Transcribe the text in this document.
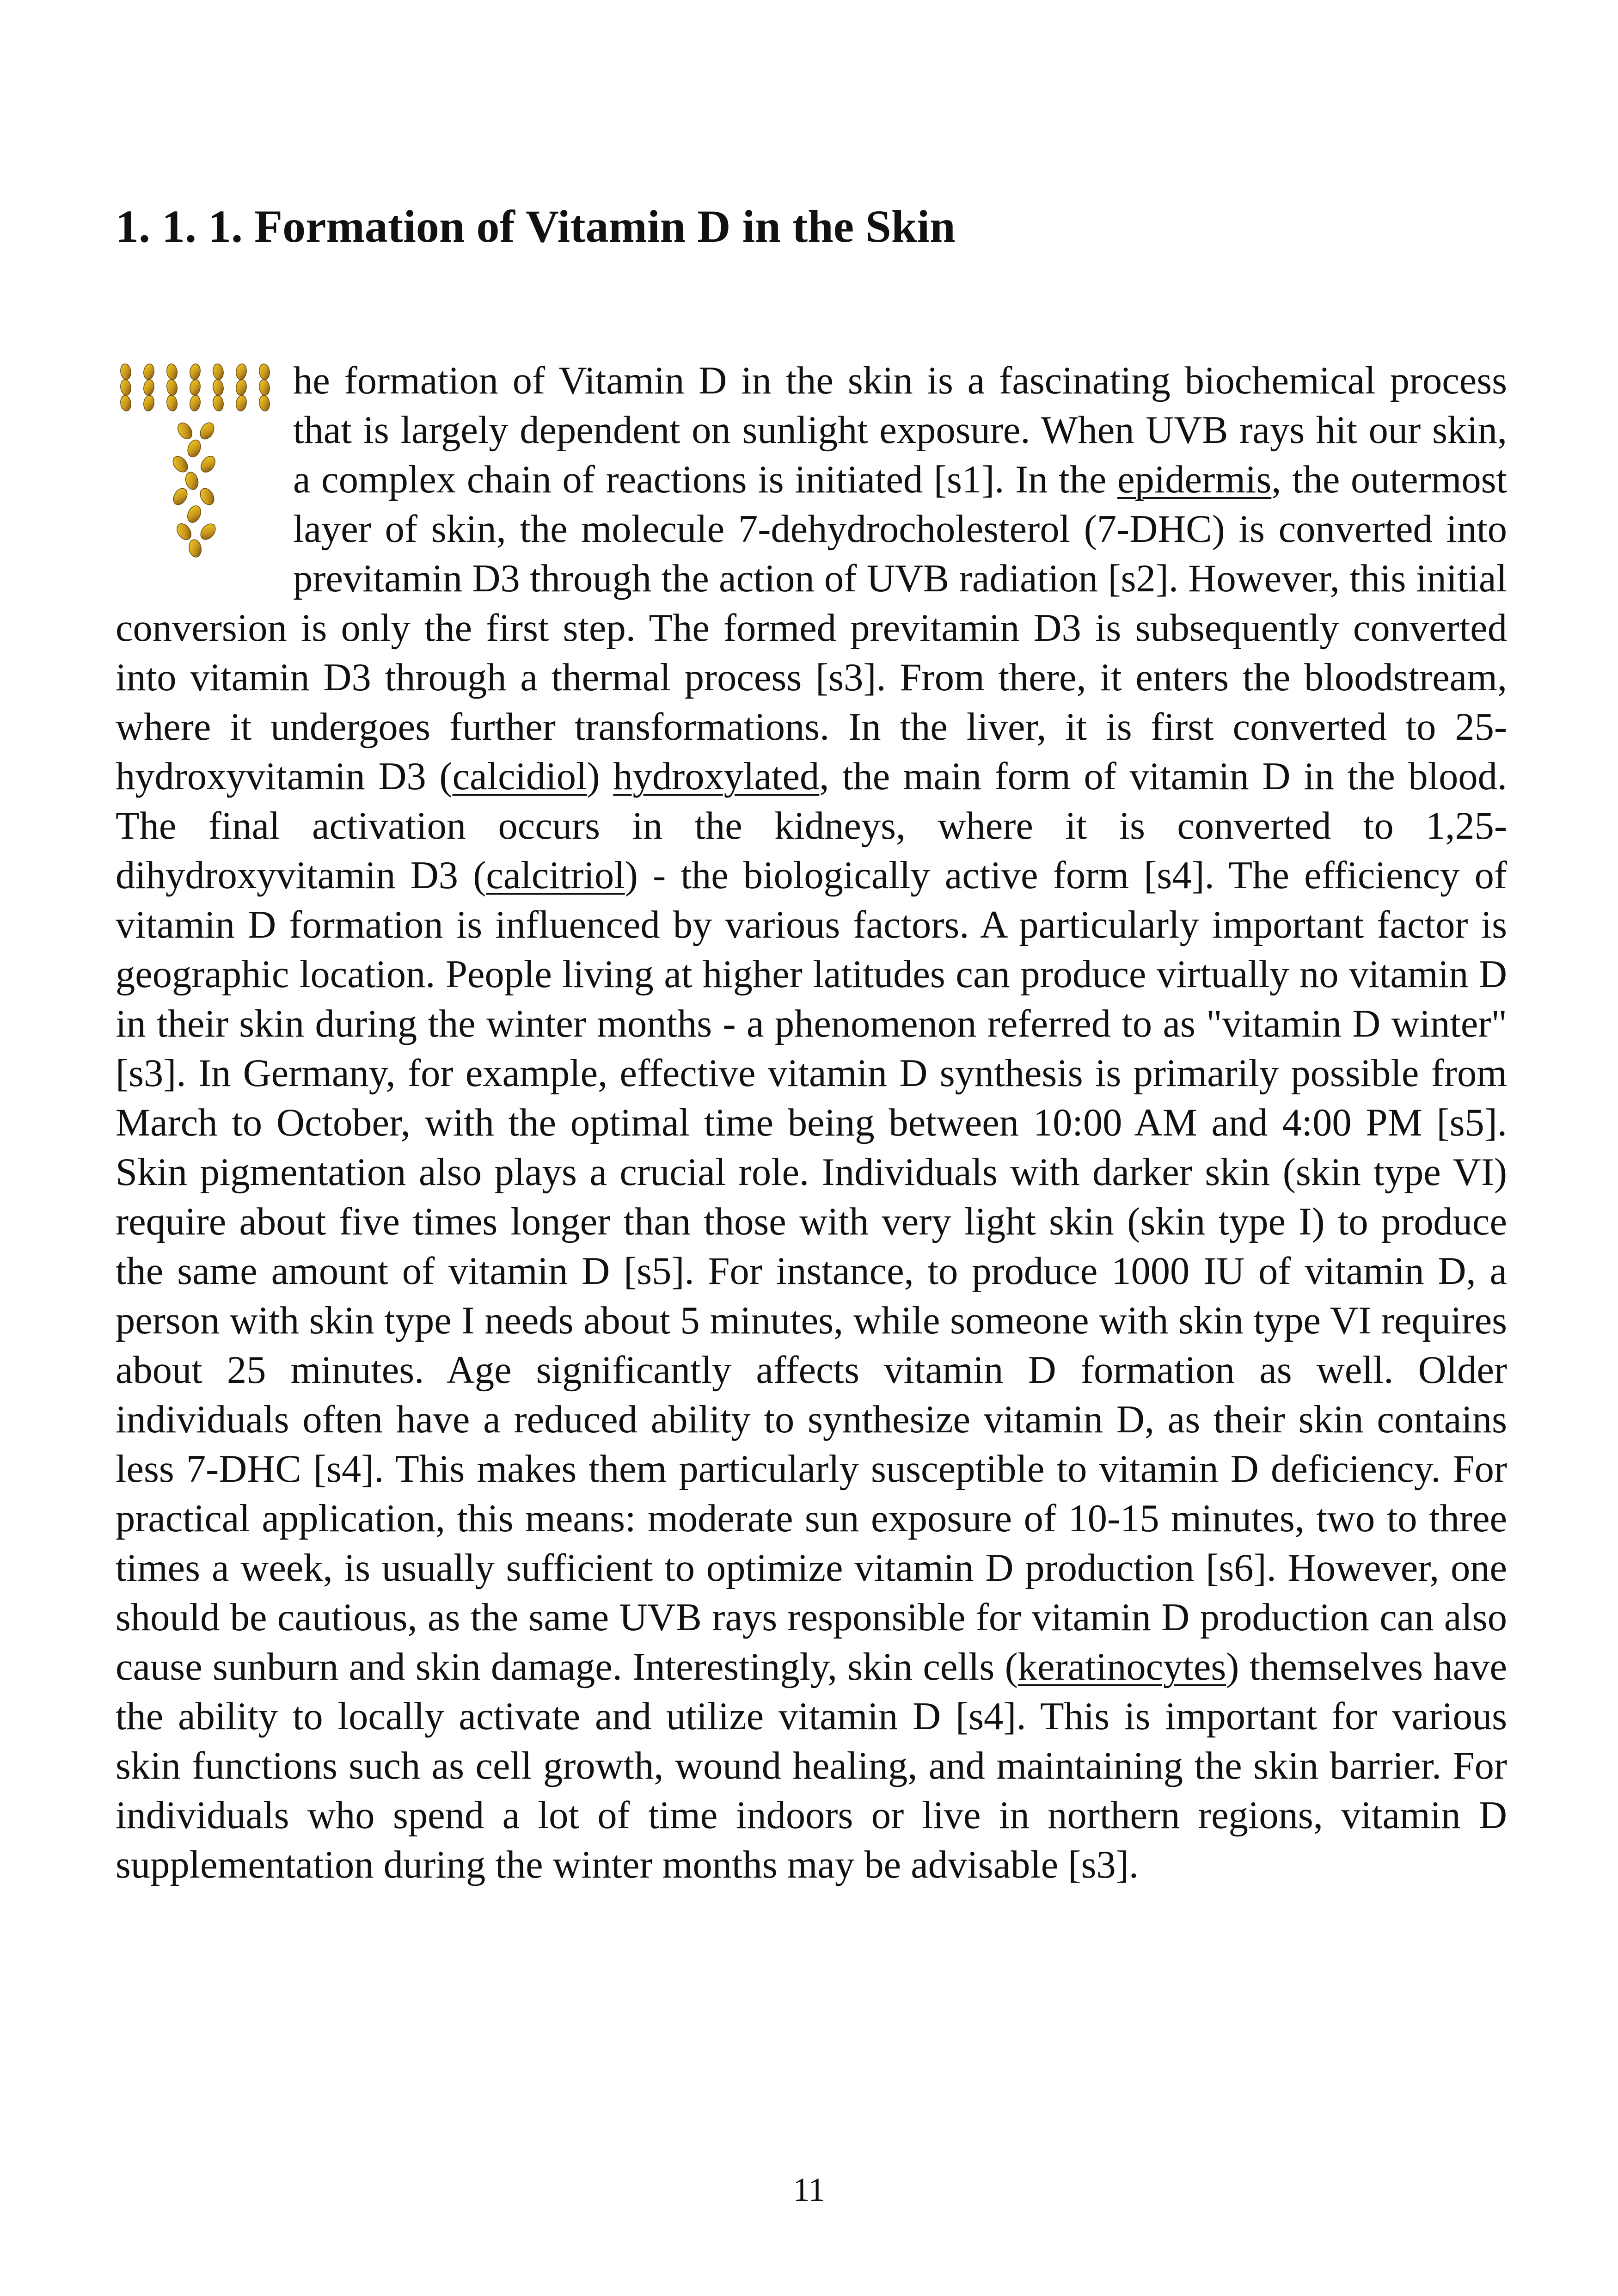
1. 1. 1. Formation of Vitamin D in the Skin

he formation of Vitamin D in the skin is a fascinating biochemical process that is largely dependent on sunlight exposure. When UVB rays hit our skin, a complex chain of reactions is initiated [s1]. In the epidermis, the outermost layer of skin, the molecule 7-dehydrocholesterol (7-DHC) is converted into previtamin D3 through the action of UVB radiation [s2]. However, this initial conversion is only the first step. The formed previtamin D3 is subsequently converted into vitamin D3 through a thermal process [s3]. From there, it enters the bloodstream, where it undergoes further transformations. In the liver, it is first converted to 25-hydroxyvitamin D3 (calcidiol) hydroxylated, the main form of vitamin D in the blood. The final activation occurs in the kidneys, where it is converted to 1,25-dihydroxyvitamin D3 (calcitriol) - the biologically active form [s4]. The efficiency of vitamin D formation is influenced by various factors. A particularly important factor is geographic location. People living at higher latitudes can produce virtually no vitamin D in their skin during the winter months - a phenomenon referred to as "vitamin D winter" [s3]. In Germany, for example, effective vitamin D synthesis is primarily possible from March to October, with the optimal time being between 10:00 AM and 4:00 PM [s5]. Skin pigmentation also plays a crucial role. Individuals with darker skin (skin type VI) require about five times longer than those with very light skin (skin type I) to produce the same amount of vitamin D [s5]. For instance, to produce 1000 IU of vitamin D, a person with skin type I needs about 5 minutes, while someone with skin type VI requires about 25 minutes. Age significantly affects vitamin D formation as well. Older individuals often have a reduced ability to synthesize vitamin D, as their skin contains less 7-DHC [s4]. This makes them particularly susceptible to vitamin D deficiency. For practical application, this means: moderate sun exposure of 10-15 minutes, two to three times a week, is usually sufficient to optimize vitamin D production [s6]. However, one should be cautious, as the same UVB rays responsible for vitamin D production can also cause sunburn and skin damage. Interestingly, skin cells (keratinocytes) themselves have the ability to locally activate and utilize vitamin D [s4]. This is important for various skin functions such as cell growth, wound healing, and maintaining the skin barrier. For individuals who spend a lot of time indoors or live in northern regions, vitamin D supplementation during the winter months may be advisable [s3].

11
